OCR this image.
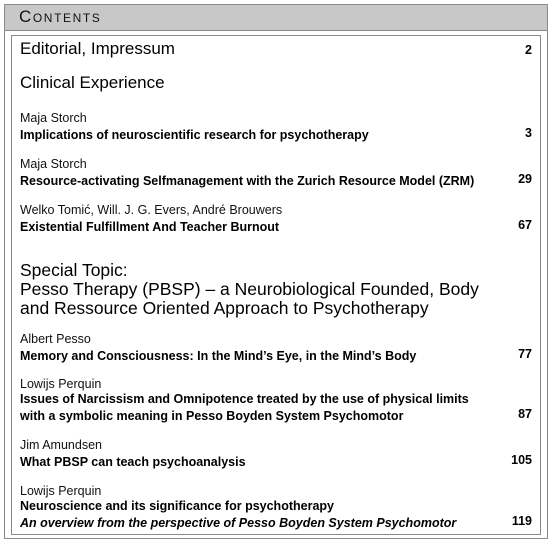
Contents
Editorial, Impressum	2
Clinical Experience
Maja Storch
Implications of neuroscientific research for psychotherapy	3
Maja Storch
Resource-activating Selfmanagement with the Zurich Resource Model (ZRM)	29
Welko Tomić, Will. J. G. Evers, André Brouwers
Existential Fulfillment And Teacher Burnout	67
Special Topic:
Pesso Therapy (PBSP) – a Neurobiological Founded, Body
and Ressource Oriented Approach to Psychotherapy
Albert Pesso
Memory and Consciousness: In the Mind’s Eye, in the Mind’s Body	77
Lowijs Perquin
Issues of Narcissism and Omnipotence treated by the use of physical limits
with a symbolic meaning in Pesso Boyden System Psychomotor	87
Jim Amundsen
What PBSP can teach psychoanalysis	105
Lowijs Perquin
Neuroscience and its significance for psychotherapy
An overview from the perspective of Pesso Boyden System Psychomotor	119
